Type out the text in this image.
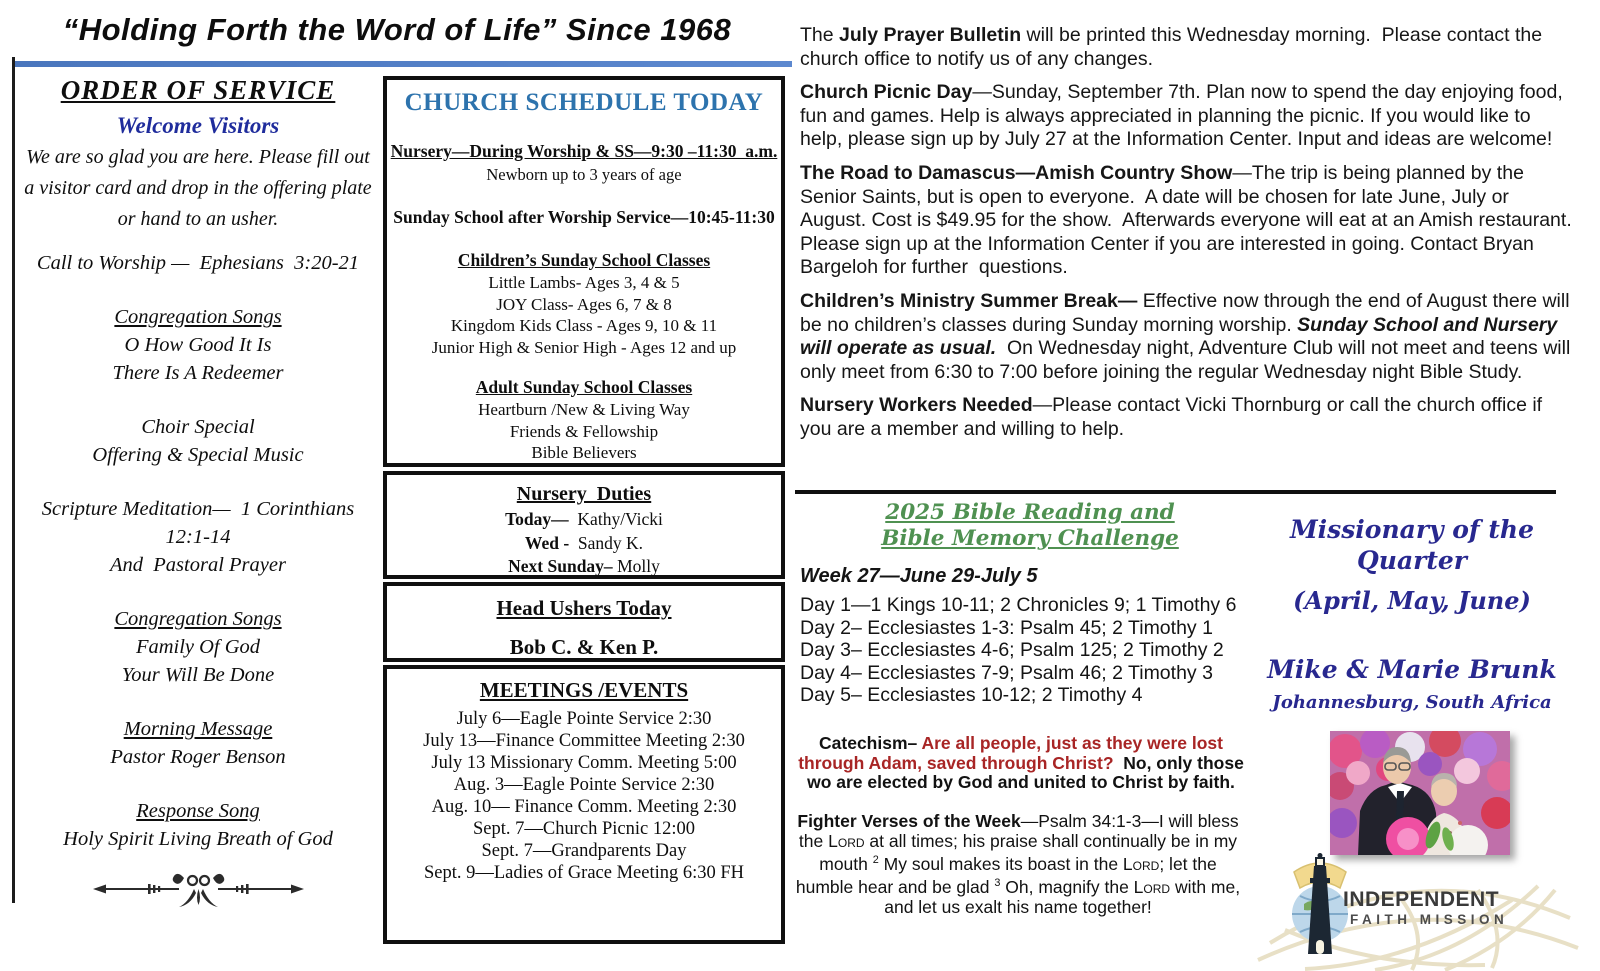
“Holding Forth the Word of Life” Since 1968
ORDER OF SERVICE
Welcome Visitors
We are so glad you are here. Please fill out
a visitor card and drop in the offering plate
or hand to an usher.
Call to Worship —  Ephesians  3:20-21
Congregation Songs
O How Good It Is
There Is A Redeemer
Choir Special
Offering & Special Music
Scripture Meditation—  1 Corinthians
12:1-14
And  Pastoral Prayer
Congregation Songs
Family Of God
Your Will Be Done
Morning Message
Pastor Roger Benson
Response Song
Holy Spirit Living Breath of God
CHURCH SCHEDULE TODAY
Nursery—During Worship & SS—9:30 –11:30  a.m.
Newborn up to 3 years of age
Sunday School after Worship Service—10:45-11:30
Children’s Sunday School Classes
Little Lambs- Ages 3, 4 & 5
JOY Class- Ages 6, 7 & 8
Kingdom Kids Class - Ages 9, 10 & 11
Junior High & Senior High - Ages 12 and up
Adult Sunday School Classes
Heartburn /New & Living Way
Friends & Fellowship
Bible Believers
Nursery  Duties
Today—  Kathy/Vicki
Wed -  Sandy K.
Next Sunday– Molly
Head Ushers Today
Bob C. & Ken P.
MEETINGS /EVENTS
July 6—Eagle Pointe Service 2:30
July 13—Finance Committee Meeting 2:30
July 13 Missionary Comm. Meeting 5:00
Aug. 3—Eagle Pointe Service 2:30
Aug. 10— Finance Comm. Meeting 2:30
Sept. 7—Church Picnic 12:00
Sept. 7—Grandparents Day
Sept. 9—Ladies of Grace Meeting 6:30 FH

The July Prayer Bulletin will be printed this Wednesday morning.  Please contact the church office to notify us of any changes.

Church Picnic Day—Sunday, September 7th. Plan now to spend the day enjoying food, fun and games. Help is always appreciated in planning the picnic. If you would like to help, please sign up by July 27 at the Information Center. Input and ideas are welcome!

The Road to Damascus—Amish Country Show—The trip is being planned by the Senior Saints, but is open to everyone.  A date will be chosen for late June, July or August. Cost is $49.95 for the show.  Afterwards everyone will eat at an Amish restaurant. Please sign up at the Information Center if you are interested in going. Contact Bryan Bargeloh for further  questions.

Children’s Ministry Summer Break— Effective now through the end of August there will be no children’s classes during Sunday morning worship. Sunday School and Nursery will operate as usual.  On Wednesday night, Adventure Club will not meet and teens will only meet from 6:30 to 7:00 before joining the regular Wednesday night Bible Study.

Nursery Workers Needed—Please contact Vicki Thornburg or call the church office if you are a member and willing to help.

2025 Bible Reading and
Bible Memory Challenge
Week 27—June 29-July 5
Day 1—1 Kings 10-11; 2 Chronicles 9; 1 Timothy 6
Day 2– Ecclesiastes 1-3: Psalm 45; 2 Timothy 1
Day 3– Ecclesiastes 4-6; Psalm 125; 2 Timothy 2
Day 4– Ecclesiastes 7-9; Psalm 46; 2 Timothy 3
Day 5– Ecclesiastes 10-12; 2 Timothy 4
Catechism– Are all people, just as they were lost
through Adam, saved through Christ?  No, only those
wo are elected by God and united to Christ by faith.
Fighter Verses of the Week—Psalm 34:1-3—I will bless
the Lord at all times; his praise shall continually be in my
mouth $^2$ My soul makes its boast in the Lord; let the
humble hear and be glad $^3$ Oh, magnify the Lord with me,
and let us exalt his name together!
Missionary of the
Quarter
(April, May, June)
Mike & Marie Brunk
Johannesburg, South Africa
INDEPENDENT
FAITH MISSION
